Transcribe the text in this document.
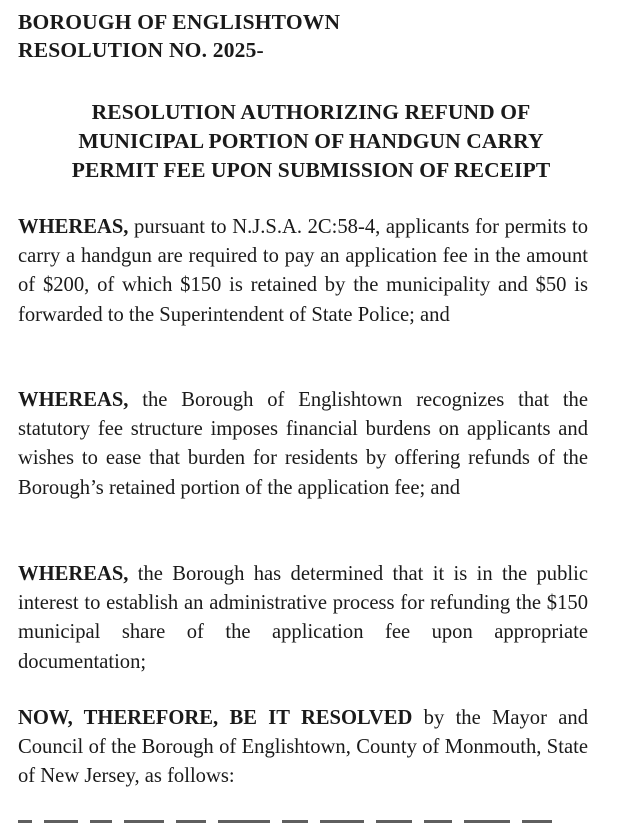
BOROUGH OF ENGLISHTOWN
RESOLUTION NO. 2025-
RESOLUTION AUTHORIZING REFUND OF
MUNICIPAL PORTION OF HANDGUN CARRY
PERMIT FEE UPON SUBMISSION OF RECEIPT
WHEREAS, pursuant to N.J.S.A. 2C:58-4, applicants for permits to carry a handgun are required to pay an application fee in the amount of $200, of which $150 is retained by the municipality and $50 is forwarded to the Superintendent of State Police; and
WHEREAS, the Borough of Englishtown recognizes that the statutory fee structure imposes financial burdens on applicants and wishes to ease that burden for residents by offering refunds of the Borough’s retained portion of the application fee; and
WHEREAS, the Borough has determined that it is in the public interest to establish an administrative process for refunding the $150 municipal share of the application fee upon appropriate documentation;
NOW, THEREFORE, BE IT RESOLVED by the Mayor and Council of the Borough of Englishtown, County of Monmouth, State of New Jersey, as follows:
